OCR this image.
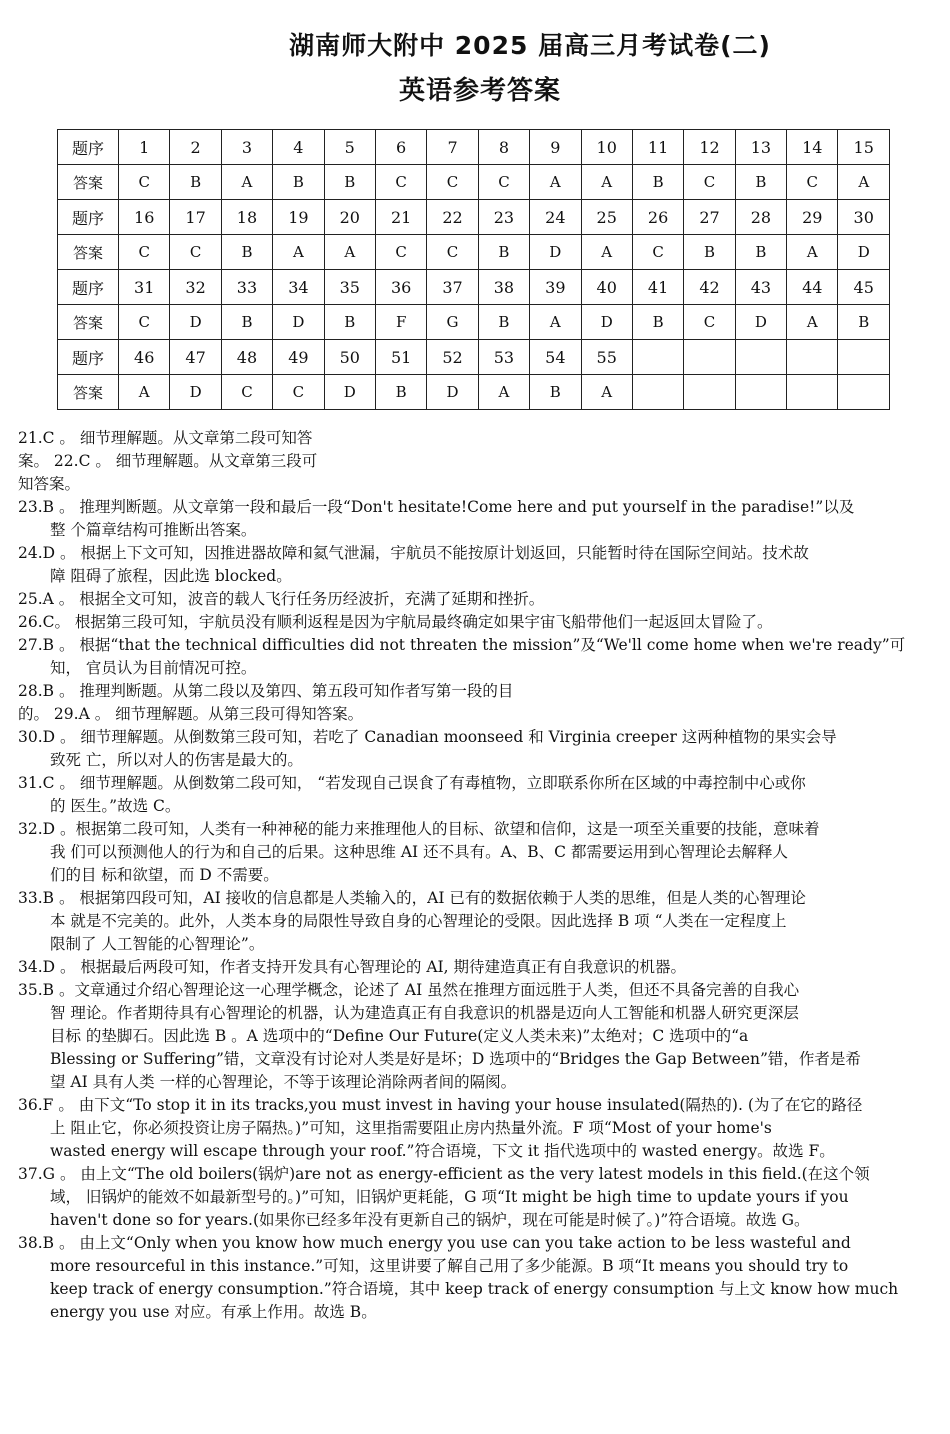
湖南师大附中 2025 届高三月考试卷(二)
英语参考答案
题序	1	2	3	4	5	6	7	8	9	10	11	12	13	14	15
答案	C	B	A	B	B	C	C	C	A	A	B	C	B	C	A
题序	16	17	18	19	20	21	22	23	24	25	26	27	28	29	30
答案	C	C	B	A	A	C	C	B	D	A	C	B	B	A	D
题序	31	32	33	34	35	36	37	38	39	40	41	42	43	44	45
答案	C	D	B	D	B	F	G	B	A	D	B	C	D	A	B
题序	46	47	48	49	50	51	52	53	54	55					
答案	A	D	C	C	D	B	D	A	B	A					
21.C 。 细节理解题。从文章第二段可知答
案。 22.C 。 细节理解题。从文章第三段可
知答案。
23.B 。 推理判断题。从文章第一段和最后一段“Don't hesitate!Come here and put yourself in the paradise!”以及
整 个篇章结构可推断出答案。
24.D 。 根据上下文可知，因推进器故障和氦气泄漏，宇航员不能按原计划返回，只能暂时待在国际空间站。技术故
障 阻碍了旅程，因此选 blocked。
25.A 。 根据全文可知，波音的载人飞行任务历经波折，充满了延期和挫折。
26.C。 根据第三段可知，宇航员没有顺利返程是因为宇航局最终确定如果宇宙飞船带他们一起返回太冒险了。
27.B 。 根据“that the technical difficulties did not threaten the mission”及“We'll come home when we're ready”可
知， 官员认为目前情况可控。
28.B 。 推理判断题。从第二段以及第四、第五段可知作者写第一段的目
的。 29.A 。 细节理解题。从第三段可得知答案。
30.D 。 细节理解题。从倒数第三段可知，若吃了 Canadian moonseed 和 Virginia creeper 这两种植物的果实会导
致死 亡，所以对人的伤害是最大的。
31.C 。 细节理解题。从倒数第二段可知， “若发现自己误食了有毒植物，立即联系你所在区域的中毒控制中心或你
的 医生。”故选 C。
32.D 。根据第二段可知，人类有一种神秘的能力来推理他人的目标、欲望和信仰，这是一项至关重要的技能，意味着
我 们可以预测他人的行为和自己的后果。这种思维 AI 还不具有。A、B、C 都需要运用到心智理论去解释人
们的目 标和欲望，而 D 不需要。
33.B 。 根据第四段可知，AI 接收的信息都是人类输入的，AI 已有的数据依赖于人类的思维，但是人类的心智理论
本 就是不完美的。此外，人类本身的局限性导致自身的心智理论的受限。因此选择 B 项 “人类在一定程度上
限制了 人工智能的心智理论”。
34.D 。 根据最后两段可知，作者支持开发具有心智理论的 AI, 期待建造真正有自我意识的机器。
35.B 。文章通过介绍心智理论这一心理学概念，论述了 AI 虽然在推理方面远胜于人类，但还不具备完善的自我心
智 理论。作者期待具有心智理论的机器，认为建造真正有自我意识的机器是迈向人工智能和机器人研究更深层
目标 的垫脚石。因此选 B 。A 选项中的“Define Our Future(定义人类未来)”太绝对；C 选项中的“a
Blessing or Suffering”错，文章没有讨论对人类是好是坏；D 选项中的“Bridges the Gap Between”错，作者是希
望 AI 具有人类 一样的心智理论，不等于该理论消除两者间的隔阂。
36.F 。 由下文“To stop it in its tracks,you must invest in having your house insulated(隔热的). (为了在它的路径
上 阻止它，你必须投资让房子隔热。)”可知，这里指需要阻止房内热量外流。F 项“Most of your home's
wasted energy will escape through your roof.”符合语境，下文 it 指代选项中的 wasted energy。故选 F。
37.G 。 由上文“The old boilers(锅炉)are not as energy-efficient as the very latest models in this field.(在这个领
域， 旧锅炉的能效不如最新型号的。)”可知，旧锅炉更耗能，G 项“It might be high time to update yours if you
haven't done so for years.(如果你已经多年没有更新自己的锅炉，现在可能是时候了。)”符合语境。故选 G。
38.B 。 由上文“Only when you know how much energy you use can you take action to be less wasteful and
more resourceful in this instance.”可知，这里讲要了解自己用了多少能源。B 项“It means you should try to
keep track of energy consumption.”符合语境，其中 keep track of energy consumption 与上文 know how much
energy you use 对应。有承上作用。故选 B。
